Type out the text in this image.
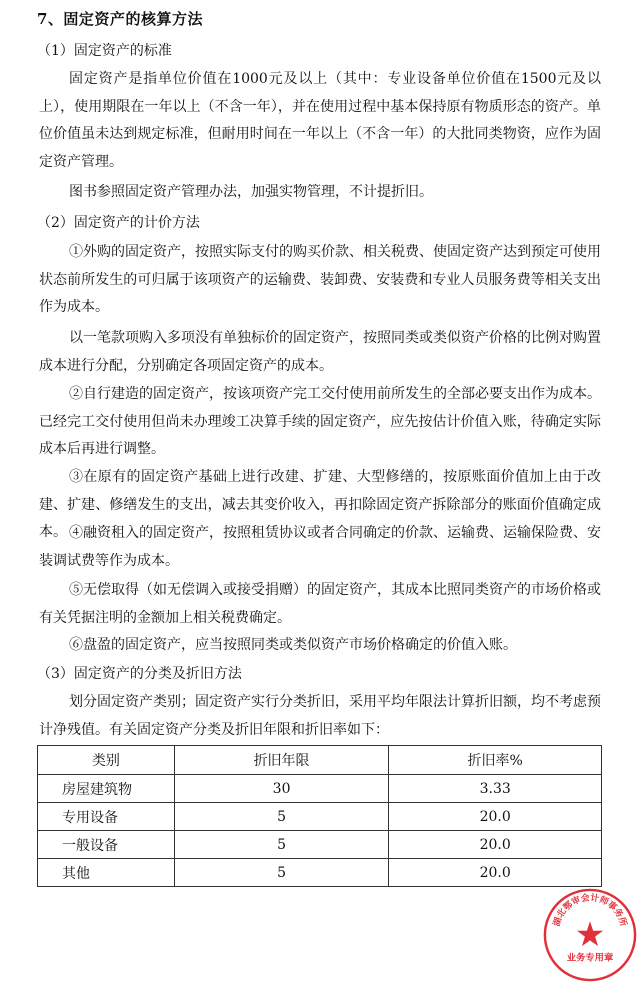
7、固定资产的核算方法
（1）固定资产的标准
固定资产是指单位价值在1000元及以上（其中：专业设备单位价值在1500元及以上），使用期限在一年以上（不含一年），并在使用过程中基本保持原有物质形态的资产。单位价值虽未达到规定标准，但耐用时间在一年以上（不含一年）的大批同类物资，应作为固定资产管理。
图书参照固定资产管理办法，加强实物管理，不计提折旧。
（2）固定资产的计价方法
①外购的固定资产，按照实际支付的购买价款、相关税费、使固定资产达到预定可使用状态前所发生的可归属于该项资产的运输费、装卸费、安装费和专业人员服务费等相关支出作为成本。
以一笔款项购入多项没有单独标价的固定资产，按照同类或类似资产价格的比例对购置成本进行分配，分别确定各项固定资产的成本。
②自行建造的固定资产，按该项资产完工交付使用前所发生的全部必要支出作为成本。已经完工交付使用但尚未办理竣工决算手续的固定资产，应先按估计价值入账，待确定实际成本后再进行调整。
③在原有的固定资产基础上进行改建、扩建、大型修缮的，按原账面价值加上由于改建、扩建、修缮发生的支出，减去其变价收入，再扣除固定资产拆除部分的账面价值确定成本。 ④融资租入的固定资产，按照租赁协议或者合同确定的价款、运输费、运输保险费、安装调试费等作为成本。
⑤无偿取得（如无偿调入或接受捐赠）的固定资产，其成本比照同类资产的市场价格或有关凭据注明的金额加上相关税费确定。
⑥盘盈的固定资产，应当按照同类或类似资产市场价格确定的价值入账。
（3）固定资产的分类及折旧方法
划分固定资产类别；固定资产实行分类折旧，采用平均年限法计算折旧额，均不考虑预计净残值。有关固定资产分类及折旧年限和折旧率如下：
类别	折旧年限	折旧率%
房屋建筑物	30	3.33
专用设备	5	20.0
一般设备	5	20.0
其他	5	20.0
湖北鄂审会计师事务所
业务专用章
